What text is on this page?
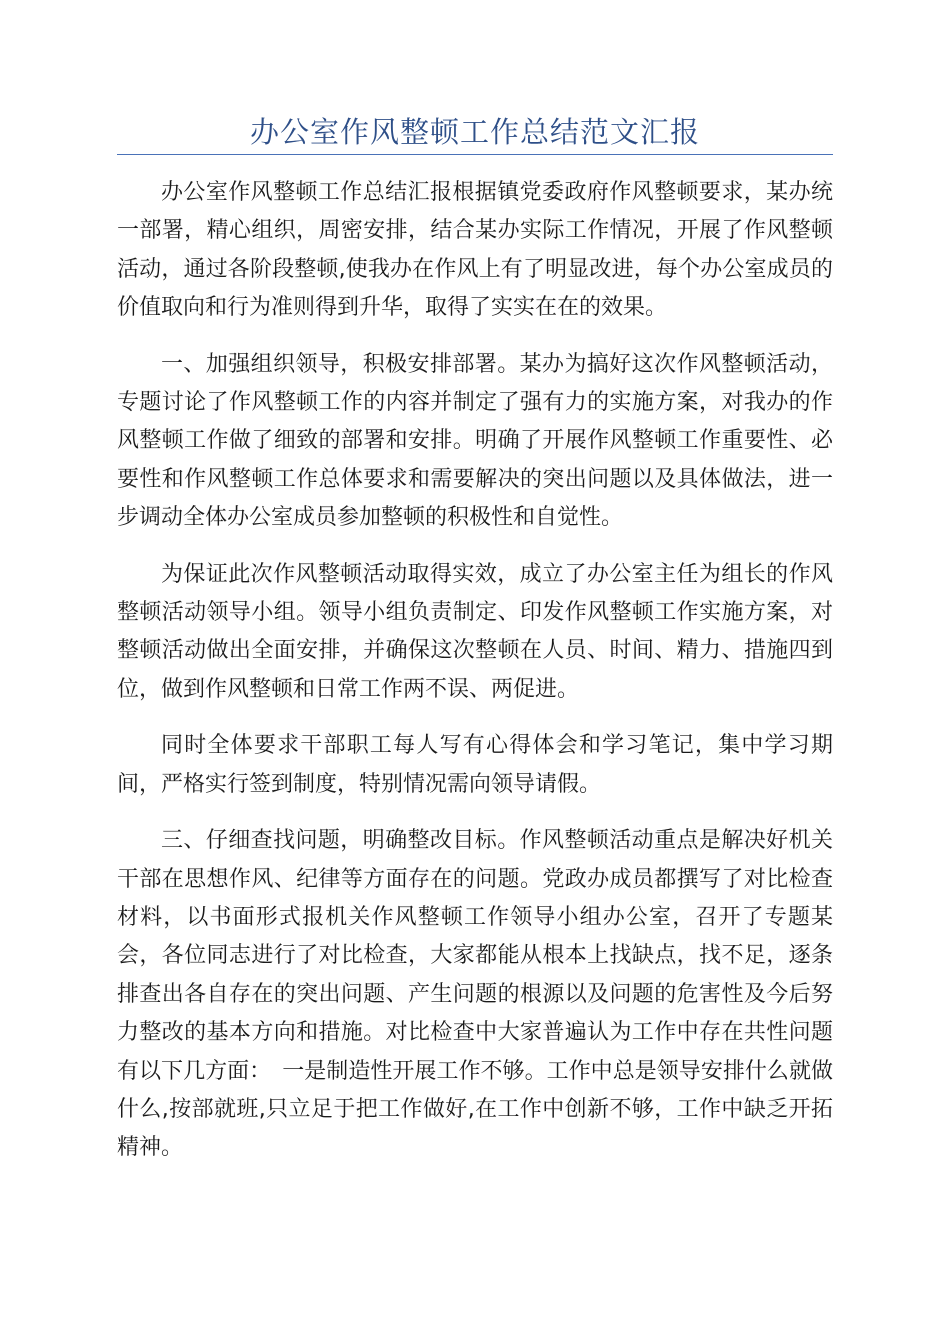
办公室作风整顿工作总结范文汇报

办公室作风整顿工作总结汇报根据镇党委政府作风整顿要求，某办统一部署，精心组织，周密安排，结合某办实际工作情况，开展了作风整顿活动，通过各阶段整顿,使我办在作风上有了明显改进，每个办公室成员的价值取向和行为准则得到升华，取得了实实在在的效果。

一、加强组织领导，积极安排部署。某办为搞好这次作风整顿活动，专题讨论了作风整顿工作的内容并制定了强有力的实施方案，对我办的作风整顿工作做了细致的部署和安排。明确了开展作风整顿工作重要性、必要性和作风整顿工作总体要求和需要解决的突出问题以及具体做法，进一步调动全体办公室成员参加整顿的积极性和自觉性。

为保证此次作风整顿活动取得实效，成立了办公室主任为组长的作风整顿活动领导小组。领导小组负责制定、印发作风整顿工作实施方案，对整顿活动做出全面安排，并确保这次整顿在人员、时间、精力、措施四到位，做到作风整顿和日常工作两不误、两促进。

同时全体要求干部职工每人写有心得体会和学习笔记，集中学习期间，严格实行签到制度，特别情况需向领导请假。

三、仔细查找问题，明确整改目标。作风整顿活动重点是解决好机关干部在思想作风、纪律等方面存在的问题。党政办成员都撰写了对比检查材料，以书面形式报机关作风整顿工作领导小组办公室，召开了专题某会，各位同志进行了对比检查，大家都能从根本上找缺点，找不足，逐条排查出各自存在的突出问题、产生问题的根源以及问题的危害性及今后努力整改的基本方向和措施。对比检查中大家普遍认为工作中存在共性问题有以下几方面：　一是制造性开展工作不够。工作中总是领导安排什么就做什么,按部就班,只立足于把工作做好,在工作中创新不够，工作中缺乏开拓精神。
